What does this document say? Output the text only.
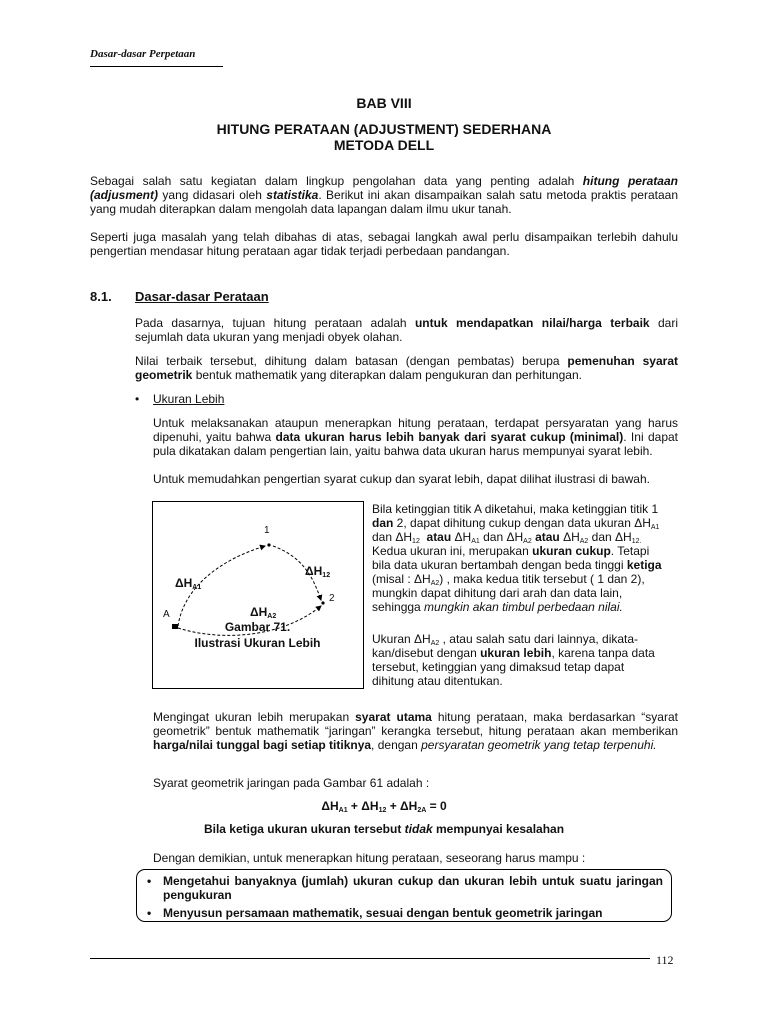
Dasar-dasar Perpetaan
BAB VIII
HITUNG PERATAAN (ADJUSTMENT) SEDERHANA
METODA DELL
Sebagai salah satu kegiatan dalam lingkup pengolahan data yang penting adalah hitung perataan (adjusment) yang didasari oleh statistika. Berikut ini akan disampaikan salah satu metoda praktis perataan yang mudah diterapkan dalam mengolah data lapangan dalam ilmu ukur tanah.
Seperti juga masalah yang telah dibahas di atas, sebagai langkah awal perlu disampaikan terlebih dahulu pengertian mendasar hitung perataan agar tidak terjadi perbedaan pandangan.
8.1. Dasar-dasar Perataan
Pada dasarnya, tujuan hitung perataan adalah untuk mendapatkan nilai/harga terbaik dari sejumlah data ukuran yang menjadi obyek olahan.
Nilai terbaik tersebut, dihitung dalam batasan (dengan pembatas) berupa pemenuhan syarat geometrik bentuk mathematik yang diterapkan dalam pengukuran dan perhitungan.
• Ukuran Lebih
Untuk melaksanakan ataupun menerapkan hitung perataan, terdapat persyaratan yang harus dipenuhi, yaitu bahwa data ukuran harus lebih banyak dari syarat cukup (minimal). Ini dapat pula dikatakan dalam pengertian lain, yaitu bahwa data ukuran harus mempunyai syarat lebih.
Untuk memudahkan pengertian syarat cukup dan syarat lebih, dapat dilihat ilustrasi di bawah.
1
2
A
$\Delta H_{A1}$
$\Delta H_{12}$
$\Delta H_{A2}$
Gambar 71.
Ilustrasi Ukuran Lebih
Bila ketinggian titik A diketahui, maka ketinggian titik 1
dan 2, dapat dihitung cukup dengan data ukuran $\Delta H_{A1}$
dan $\Delta H_{12}$ atau $\Delta H_{A1}$ dan $\Delta H_{A2}$ atau $\Delta H_{A2}$ dan $\Delta H_{12.}$
Kedua ukuran ini, merupakan ukuran cukup. Tetapi
bila data ukuran bertambah dengan beda tinggi ketiga
(misal : $\Delta H_{A2}$) , maka kedua titik tersebut ( 1 dan 2),
mungkin dapat dihitung dari arah dan data lain,
sehingga mungkin akan timbul perbedaan nilai.
Ukuran $\Delta H_{A2}$ , atau salah satu dari lainnya, dikata-
kan/disebut dengan ukuran lebih, karena tanpa data
tersebut, ketinggian yang dimaksud tetap dapat
dihitung atau ditentukan.
Mengingat ukuran lebih merupakan syarat utama hitung perataan, maka berdasarkan “syarat geometrik” bentuk mathematik “jaringan” kerangka tersebut, hitung perataan akan memberikan harga/nilai tunggal bagi setiap titiknya, dengan persyaratan geometrik yang tetap terpenuhi.
Syarat geometrik jaringan pada Gambar 61 adalah :
$\Delta H_{A1} + \Delta H_{12} + \Delta H_{2A} = 0$
Bila ketiga ukuran ukuran tersebut tidak mempunyai kesalahan
Dengan demikian, untuk menerapkan hitung perataan, seseorang harus mampu :
• Mengetahui banyaknya (jumlah) ukuran cukup dan ukuran lebih untuk suatu jaringan pengukuran
• Menyusun persamaan mathematik, sesuai dengan bentuk geometrik jaringan
112
